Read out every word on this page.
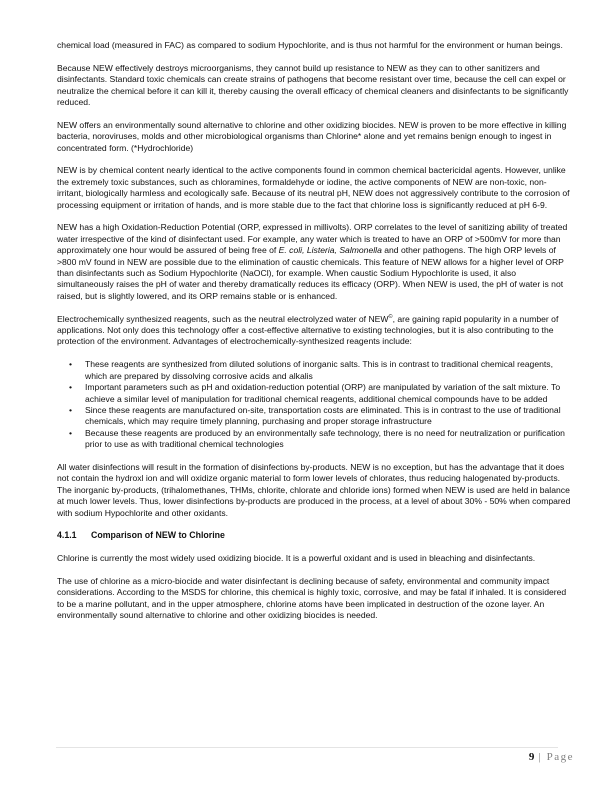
chemical load (measured in FAC) as compared to sodium Hypochlorite, and is thus not harmful for the environment or human beings.

Because NEW effectively destroys microorganisms, they cannot build up resistance to NEW as they can to other sanitizers and disinfectants. Standard toxic chemicals can create strains of pathogens that become resistant over time, because the cell can expel or neutralize the chemical before it can kill it, thereby causing the overall efficacy of chemical cleaners and disinfectants to be significantly reduced.

NEW offers an environmentally sound alternative to chlorine and other oxidizing biocides. NEW is proven to be more effective in killing bacteria, noroviruses, molds and other microbiological organisms than Chlorine* alone and yet remains benign enough to ingest in concentrated form. (*Hydrochloride)

NEW is by chemical content nearly identical to the active components found in common chemical bactericidal agents. However, unlike the extremely toxic substances, such as chloramines, formaldehyde or iodine, the active components of NEW are non-toxic, non-irritant, biologically harmless and ecologically safe. Because of its neutral pH, NEW does not aggressively contribute to the corrosion of processing equipment or irritation of hands, and is more stable due to the fact that chlorine loss is significantly reduced at pH 6-9.

NEW has a high Oxidation-Reduction Potential (ORP, expressed in millivolts). ORP correlates to the level of sanitizing ability of treated water irrespective of the kind of disinfectant used. For example, any water which is treated to have an ORP of >500mV for more than approximately one hour would be assured of being free of E. coli, Listeria, Salmonella and other pathogens. The high ORP levels of >800 mV found in NEW are possible due to the elimination of caustic chemicals. This feature of NEW allows for a higher level of ORP than disinfectants such as Sodium Hypochlorite (NaOCl), for example. When caustic Sodium Hypochlorite is used, it also simultaneously raises the pH of water and thereby dramatically reduces its efficacy (ORP). When NEW is used, the pH of water is not raised, but is slightly lowered, and its ORP remains stable or is enhanced.

Electrochemically synthesized reagents, such as the neutral electrolyzed water of NEW©, are gaining rapid popularity in a number of applications. Not only does this technology offer a cost-effective alternative to existing technologies, but it is also contributing to the protection of the environment. Advantages of electrochemically-synthesized reagents include:

• These reagents are synthesized from diluted solutions of inorganic salts. This is in contrast to traditional chemical reagents, which are prepared by dissolving corrosive acids and alkalis
• Important parameters such as pH and oxidation-reduction potential (ORP) are manipulated by variation of the salt mixture. To achieve a similar level of manipulation for traditional chemical reagents, additional chemical compounds have to be added
• Since these reagents are manufactured on-site, transportation costs are eliminated. This is in contrast to the use of traditional chemicals, which may require timely planning, purchasing and proper storage infrastructure
• Because these reagents are produced by an environmentally safe technology, there is no need for neutralization or purification prior to use as with traditional chemical technologies

All water disinfections will result in the formation of disinfections by-products. NEW is no exception, but has the advantage that it does not contain the hydroxl ion and will oxidize organic material to form lower levels of chlorates, thus reducing halogenated by-products. The inorganic by-products, (trihalomethanes, THMs, chlorite, chlorate and chloride ions) formed when NEW is used are held in balance at much lower levels. Thus, lower disinfections by-products are produced in the process, at a level of about 30% - 50% when compared with sodium Hypochlorite and other oxidants.

4.1.1 Comparison of NEW to Chlorine

Chlorine is currently the most widely used oxidizing biocide. It is a powerful oxidant and is used in bleaching and disinfectants.

The use of chlorine as a micro-biocide and water disinfectant is declining because of safety, environmental and community impact considerations. According to the MSDS for chlorine, this chemical is highly toxic, corrosive, and may be fatal if inhaled. It is considered to be a marine pollutant, and in the upper atmosphere, chlorine atoms have been implicated in destruction of the ozone layer. An environmentally sound alternative to chlorine and other oxidizing biocides is needed.

9 | Page
